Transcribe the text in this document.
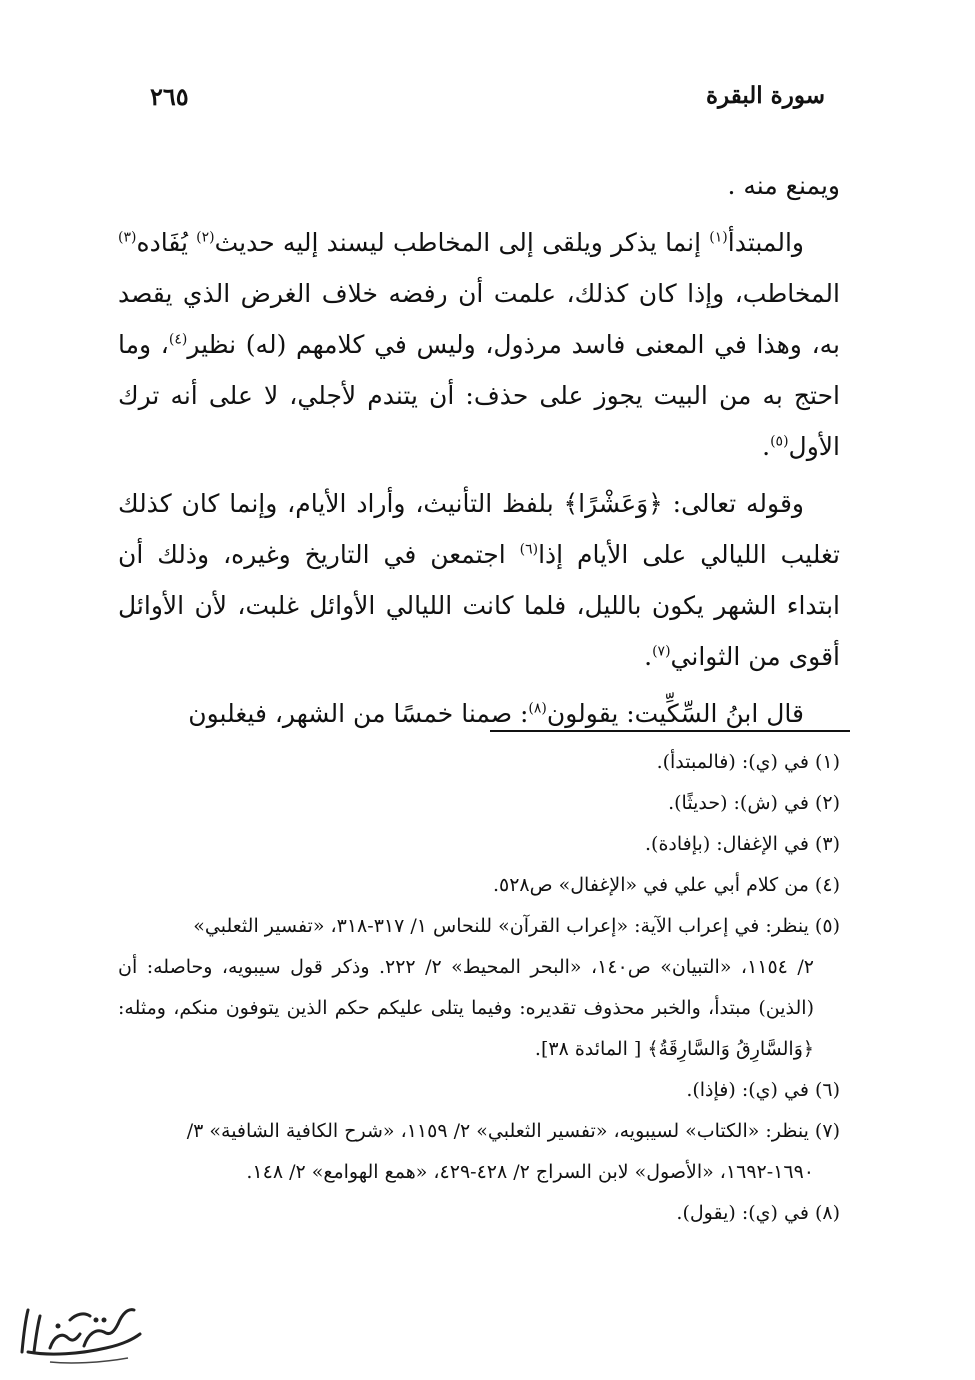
سورة البقرة
٢٦٥

ويمنع منه .

والمبتدأ$^{(١)}$ إنما يذكر ويلقى إلى المخاطب ليسند إليه حديث$^{(٢)}$ يُفَاده$^{(٣)}$ المخاطب، وإذا كان كذلك، علمت أن رفضه خلاف الغرض الذي يقصد به، وهذا في المعنى فاسد مرذول، وليس في كلامهم (له) نظير$^{(٤)}$، وما احتج به من البيت يجوز على حذف: أن يتندم لأجلي، لا على أنه ترك الأول$^{(٥)}$.

وقوله تعالى: ﴿وَعَشْرًا﴾ بلفظ التأنيث، وأراد الأيام، وإنما كان كذلك تغليب الليالي على الأيام إذا$^{(٦)}$ اجتمعن في التاريخ وغيره، وذلك أن ابتداء الشهر يكون بالليل، فلما كانت الليالي الأوائل غلبت، لأن الأوائل أقوى من الثواني$^{(٧)}$.

قال ابنُ السِّكِّيت: يقولون$^{(٨)}$: صمنا خمسًا من الشهر، فيغلبون

(١) في (ي): (فالمبتدأ).

(٢) في (ش): (حديثًا).

(٣) في الإغفال: (بإفادة).

(٤) من كلام أبي علي في «الإغفال» ص٥٢٨.

(٥) ينظر: في إعراب الآية: «إعراب القرآن» للنحاس ١/ ٣١٧-٣١٨، «تفسير الثعلبي»

٢/ ١١٥٤، «التبيان» ص١٤٠، «البحر المحيط» ٢/ ٢٢٢. وذكر قول سيبويه، وحاصله: أن (الذين) مبتدأ، والخبر محذوف تقديره: وفيما يتلى عليكم حكم الذين يتوفون منكم، ومثله: ﴿وَالسَّارِقُ وَالسَّارِقَةُ﴾ [ المائدة ٣٨].

(٦) في (ي): (فإذا).

(٧) ينظر: «الكتاب» لسيبويه، «تفسير الثعلبي» ٢/ ١١٥٩، «شرح الكافية الشافية» ٣/

١٦٩٠-١٦٩٢، «الأصول» لابن السراج ٢/ ٤٢٨-٤٢٩، «همع الهوامع» ٢/ ١٤٨.

(٨) في (ي): (يقول).
